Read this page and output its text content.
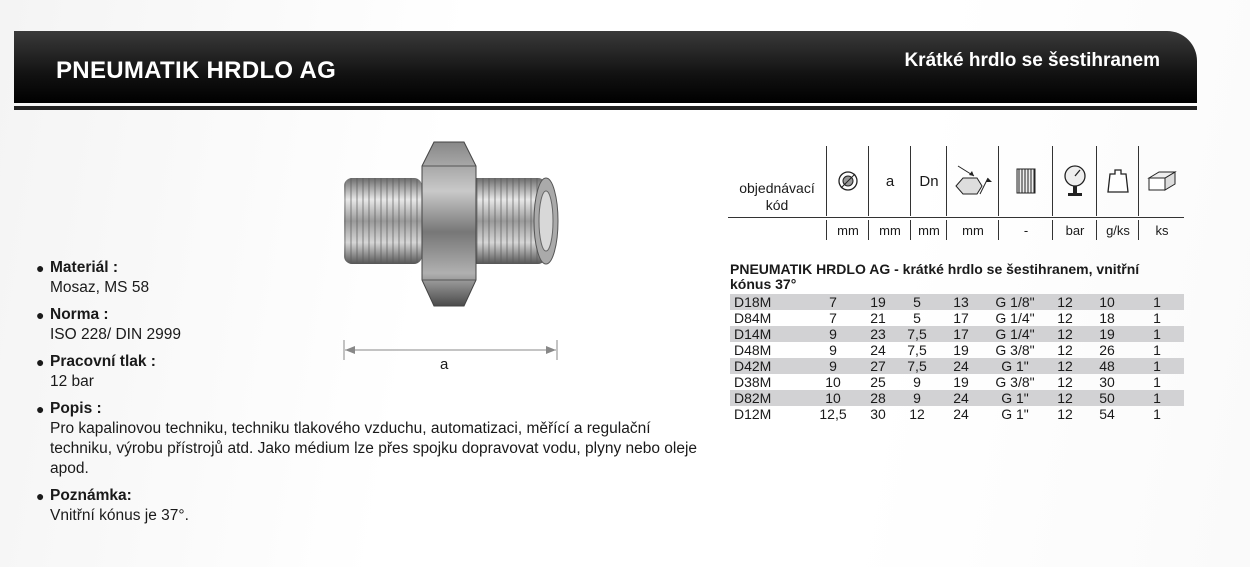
PNEUMATIK HRDLO AG	Krátké hrdlo se šestihranem
a
● Materiál :
Mosaz, MS 58
● Norma :
ISO 228/ DIN 2999
● Pracovní tlak :
12 bar
● Popis :
Pro kapalinovou techniku, techniku tlakového vzduchu, automatizaci, měřící a regulační techniku, výrobu přístrojů atd. Jako médium lze přes spojku dopravovat vodu, plyny nebo oleje apod.
● Poznámka:
Vnitřní kónus je 37°.
objednávací kód
a	Dn
mm	mm	mm	mm	-	bar	g/ks	ks
PNEUMATIK HRDLO AG - krátké hrdlo se šestihranem, vnitřní kónus 37°
D18M	7	19	5	13	G 1/8"	12	10	1
D84M	7	21	5	17	G 1/4"	12	18	1
D14M	9	23	7,5	17	G 1/4"	12	19	1
D48M	9	24	7,5	19	G 3/8"	12	26	1
D42M	9	27	7,5	24	G 1"	12	48	1
D38M	10	25	9	19	G 3/8"	12	30	1
D82M	10	28	9	24	G 1"	12	50	1
D12M	12,5	30	12	24	G 1"	12	54	1
